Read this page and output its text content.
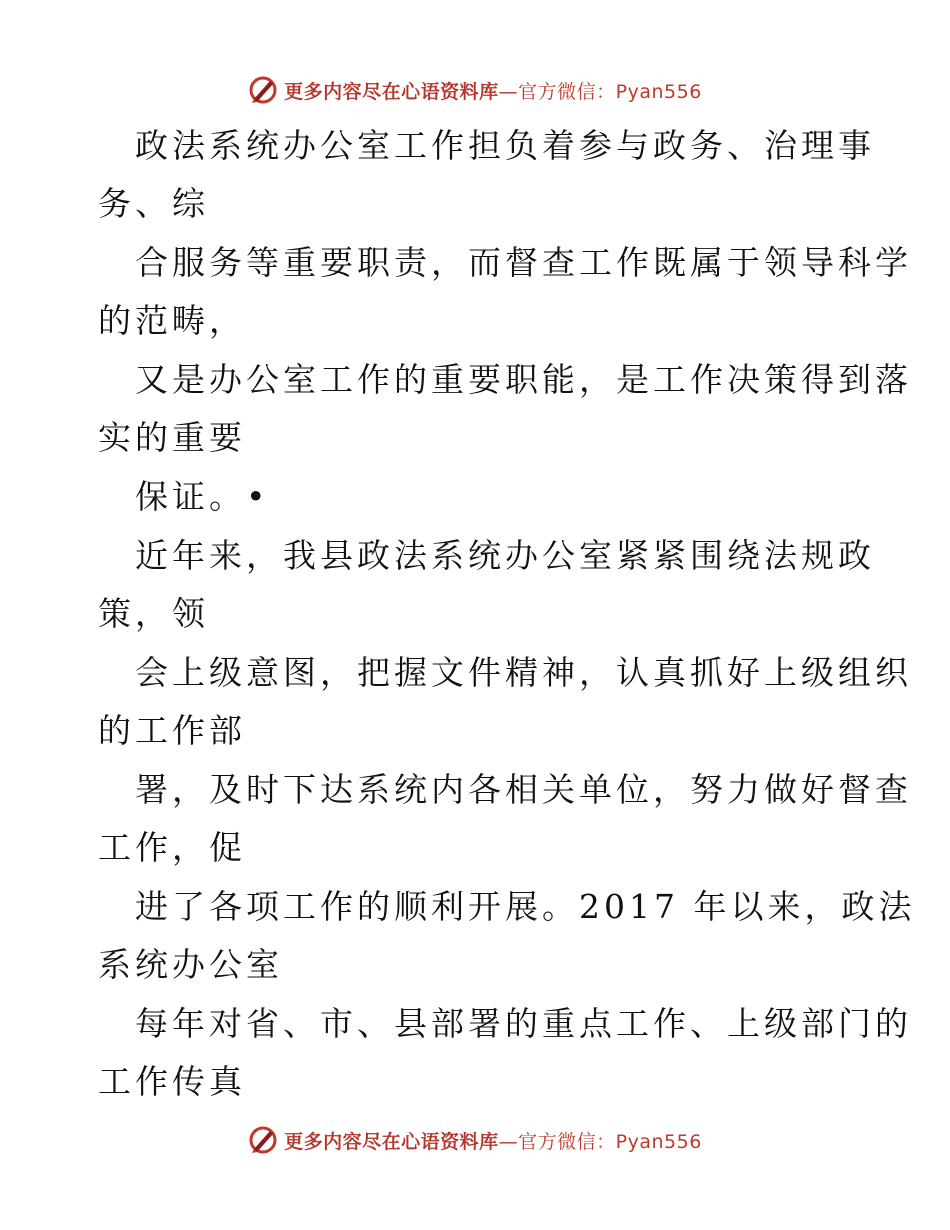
更多内容尽在心语资料库—官方微信：Pyan556
政法系统办公室工作担负着参与政务、治理事
务、综
合服务等重要职责，而督查工作既属于领导科学
的范畴，
又是办公室工作的重要职能，是工作决策得到落
实的重要
保证。•
近年来，我县政法系统办公室紧紧围绕法规政
策，领
会上级意图，把握文件精神，认真抓好上级组织
的工作部
署，及时下达系统内各相关单位，努力做好督查
工作，促
进了各项工作的顺利开展。2017 年以来，政法
系统办公室
每年对省、市、县部署的重点工作、上级部门的
工作传真
更多内容尽在心语资料库—官方微信：Pyan556
